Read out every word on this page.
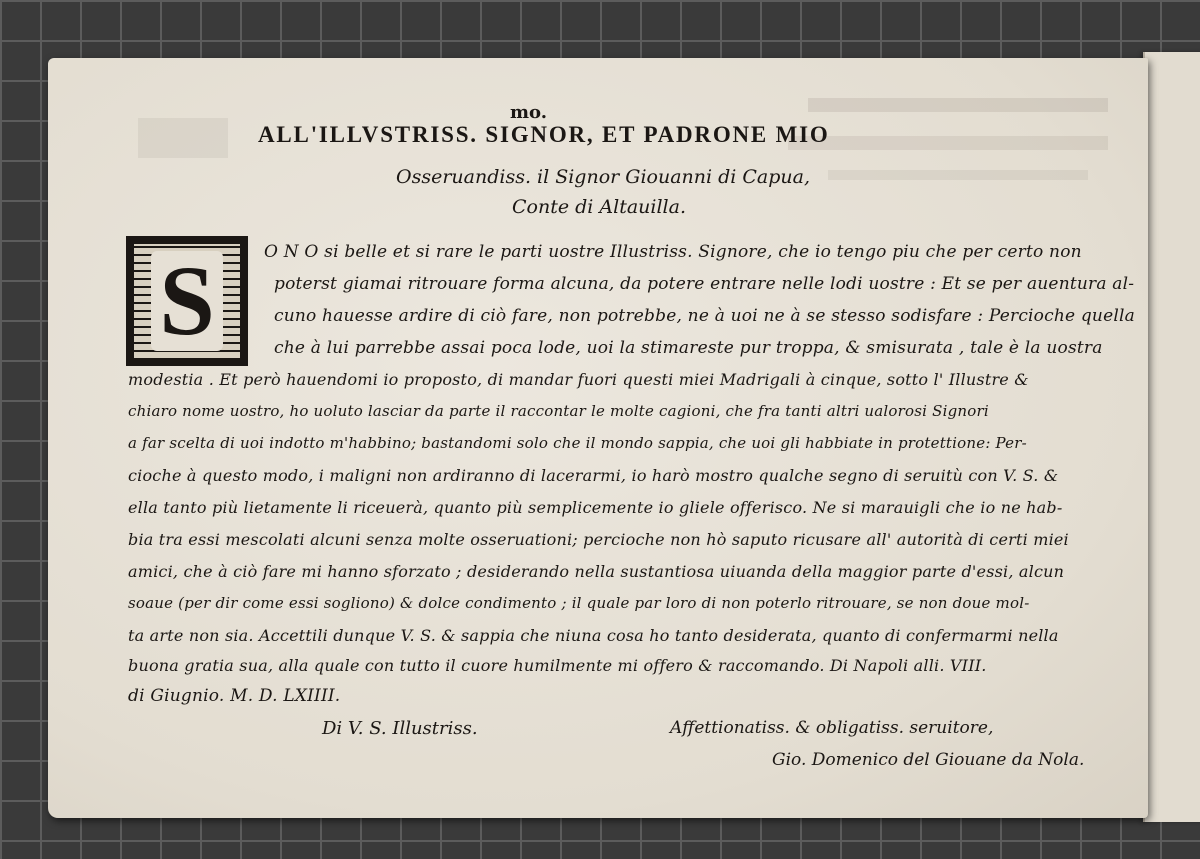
mo.
ALL'ILLVSTRISS. SIGNOR, ET PADRONE MIO
Osseruandiss. il Signor Giouanni di Capua,
Conte di Altauilla.
S	O N O si belle et si rare le parti uostre Illustriss. Signore, che io tengo piu che per certo non
poterst giamai ritrouare forma alcuna, da potere entrare nelle lodi uostre : Et se per auentura al-
cuno hauesse ardire di ciò fare, non potrebbe, ne à uoi ne à se stesso sodisfare : Percioche quella
che à lui parrebbe assai poca lode, uoi la stimareste pur troppa, & smisurata , tale è la uostra
modestia . Et però hauendomi io proposto, di mandar fuori questi miei Madrigali à cinque, sotto l' Illustre &
chiaro nome uostro, ho uoluto lasciar da parte il raccontar le molte cagioni, che fra tanti altri ualorosi Signori
a far scelta di uoi indotto m'habbino; bastandomi solo che il mondo sappia, che uoi gli habbiate in protettione: Per-
cioche à questo modo, i maligni non ardiranno di lacerarmi, io harò mostro qualche segno di seruitù con V. S. &
ella tanto più lietamente li riceuerà, quanto più semplicemente io gliele offerisco. Ne si marauigli che io ne hab-
bia tra essi mescolati alcuni senza molte osseruationi; percioche non hò saputo ricusare all' autorità di certi miei
amici, che à ciò fare mi hanno sforzato ; desiderando nella sustantiosa uiuanda della maggior parte d'essi, alcun
soaue (per dir come essi sogliono) & dolce condimento ; il quale par loro di non poterlo ritrouare, se non doue mol-
ta arte non sia. Accettili dunque V. S. & sappia che niuna cosa ho tanto desiderata, quanto di confermarmi nella
buona gratia sua, alla quale con tutto il cuore humilmente mi offero & raccomando. Di Napoli alli. VIII.
di Giugnio. M. D. LXIIII.
Di V. S. Illustriss.	Affettionatiss. & obligatiss. seruitore,
Gio. Domenico del Giouane da Nola.
